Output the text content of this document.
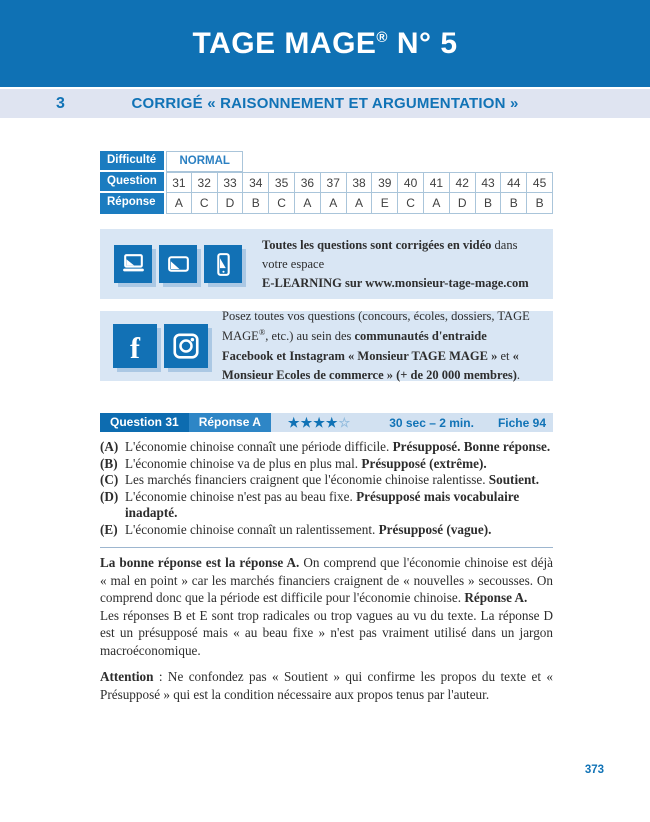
TAGE MAGE® N° 5
3	CORRIGÉ « RAISONNEMENT ET ARGUMENTATION »
Difficulté	NORMAL
Question	31 32	33	34	35	36	37	38	39	40	41	42	43	44	45
Réponse	A	C	D	B	C	A	A	A	E	C	A	D	B	B	B
Toutes les questions sont corrigées en vidéo dans votre espace
E-LEARNING sur www.monsieur-tage-mage.com
f
Posez toutes vos questions (concours, écoles, dossiers, TAGE MAGE®, etc.) au sein des communautés d'entraide Facebook et Instagram « Monsieur TAGE MAGE » et « Monsieur Ecoles de commerce » (+ de 20 000 membres).
Question 31	Réponse A	★★★★☆	30 sec – 2 min. Fiche 94
(A) L'économie chinoise connaît une période difficile. Présupposé. Bonne réponse.
(B) L'économie chinoise va de plus en plus mal. Présupposé (extrême).
(C) Les marchés financiers craignent que l'économie chinoise ralentisse. Soutient.
(D) L'économie chinoise n'est pas au beau fixe. Présupposé mais vocabulaire inadapté.
(E) L'économie chinoise connaît un ralentissement. Présupposé (vague).

La bonne réponse est la réponse A. On comprend que l'économie chinoise est déjà « mal en point » car les marchés financiers craignent de « nouvelles » secousses. On comprend donc que la période est difficile pour l'économie chinoise. Réponse A.

Les réponses B et E sont trop radicales ou trop vagues au vu du texte. La réponse D est un présupposé mais « au beau fixe » n'est pas vraiment utilisé dans un jargon macroéconomique.

Attention : Ne confondez pas « Soutient » qui confirme les propos du texte et « Présupposé » qui est la condition nécessaire aux propos tenus par l'auteur.

373
